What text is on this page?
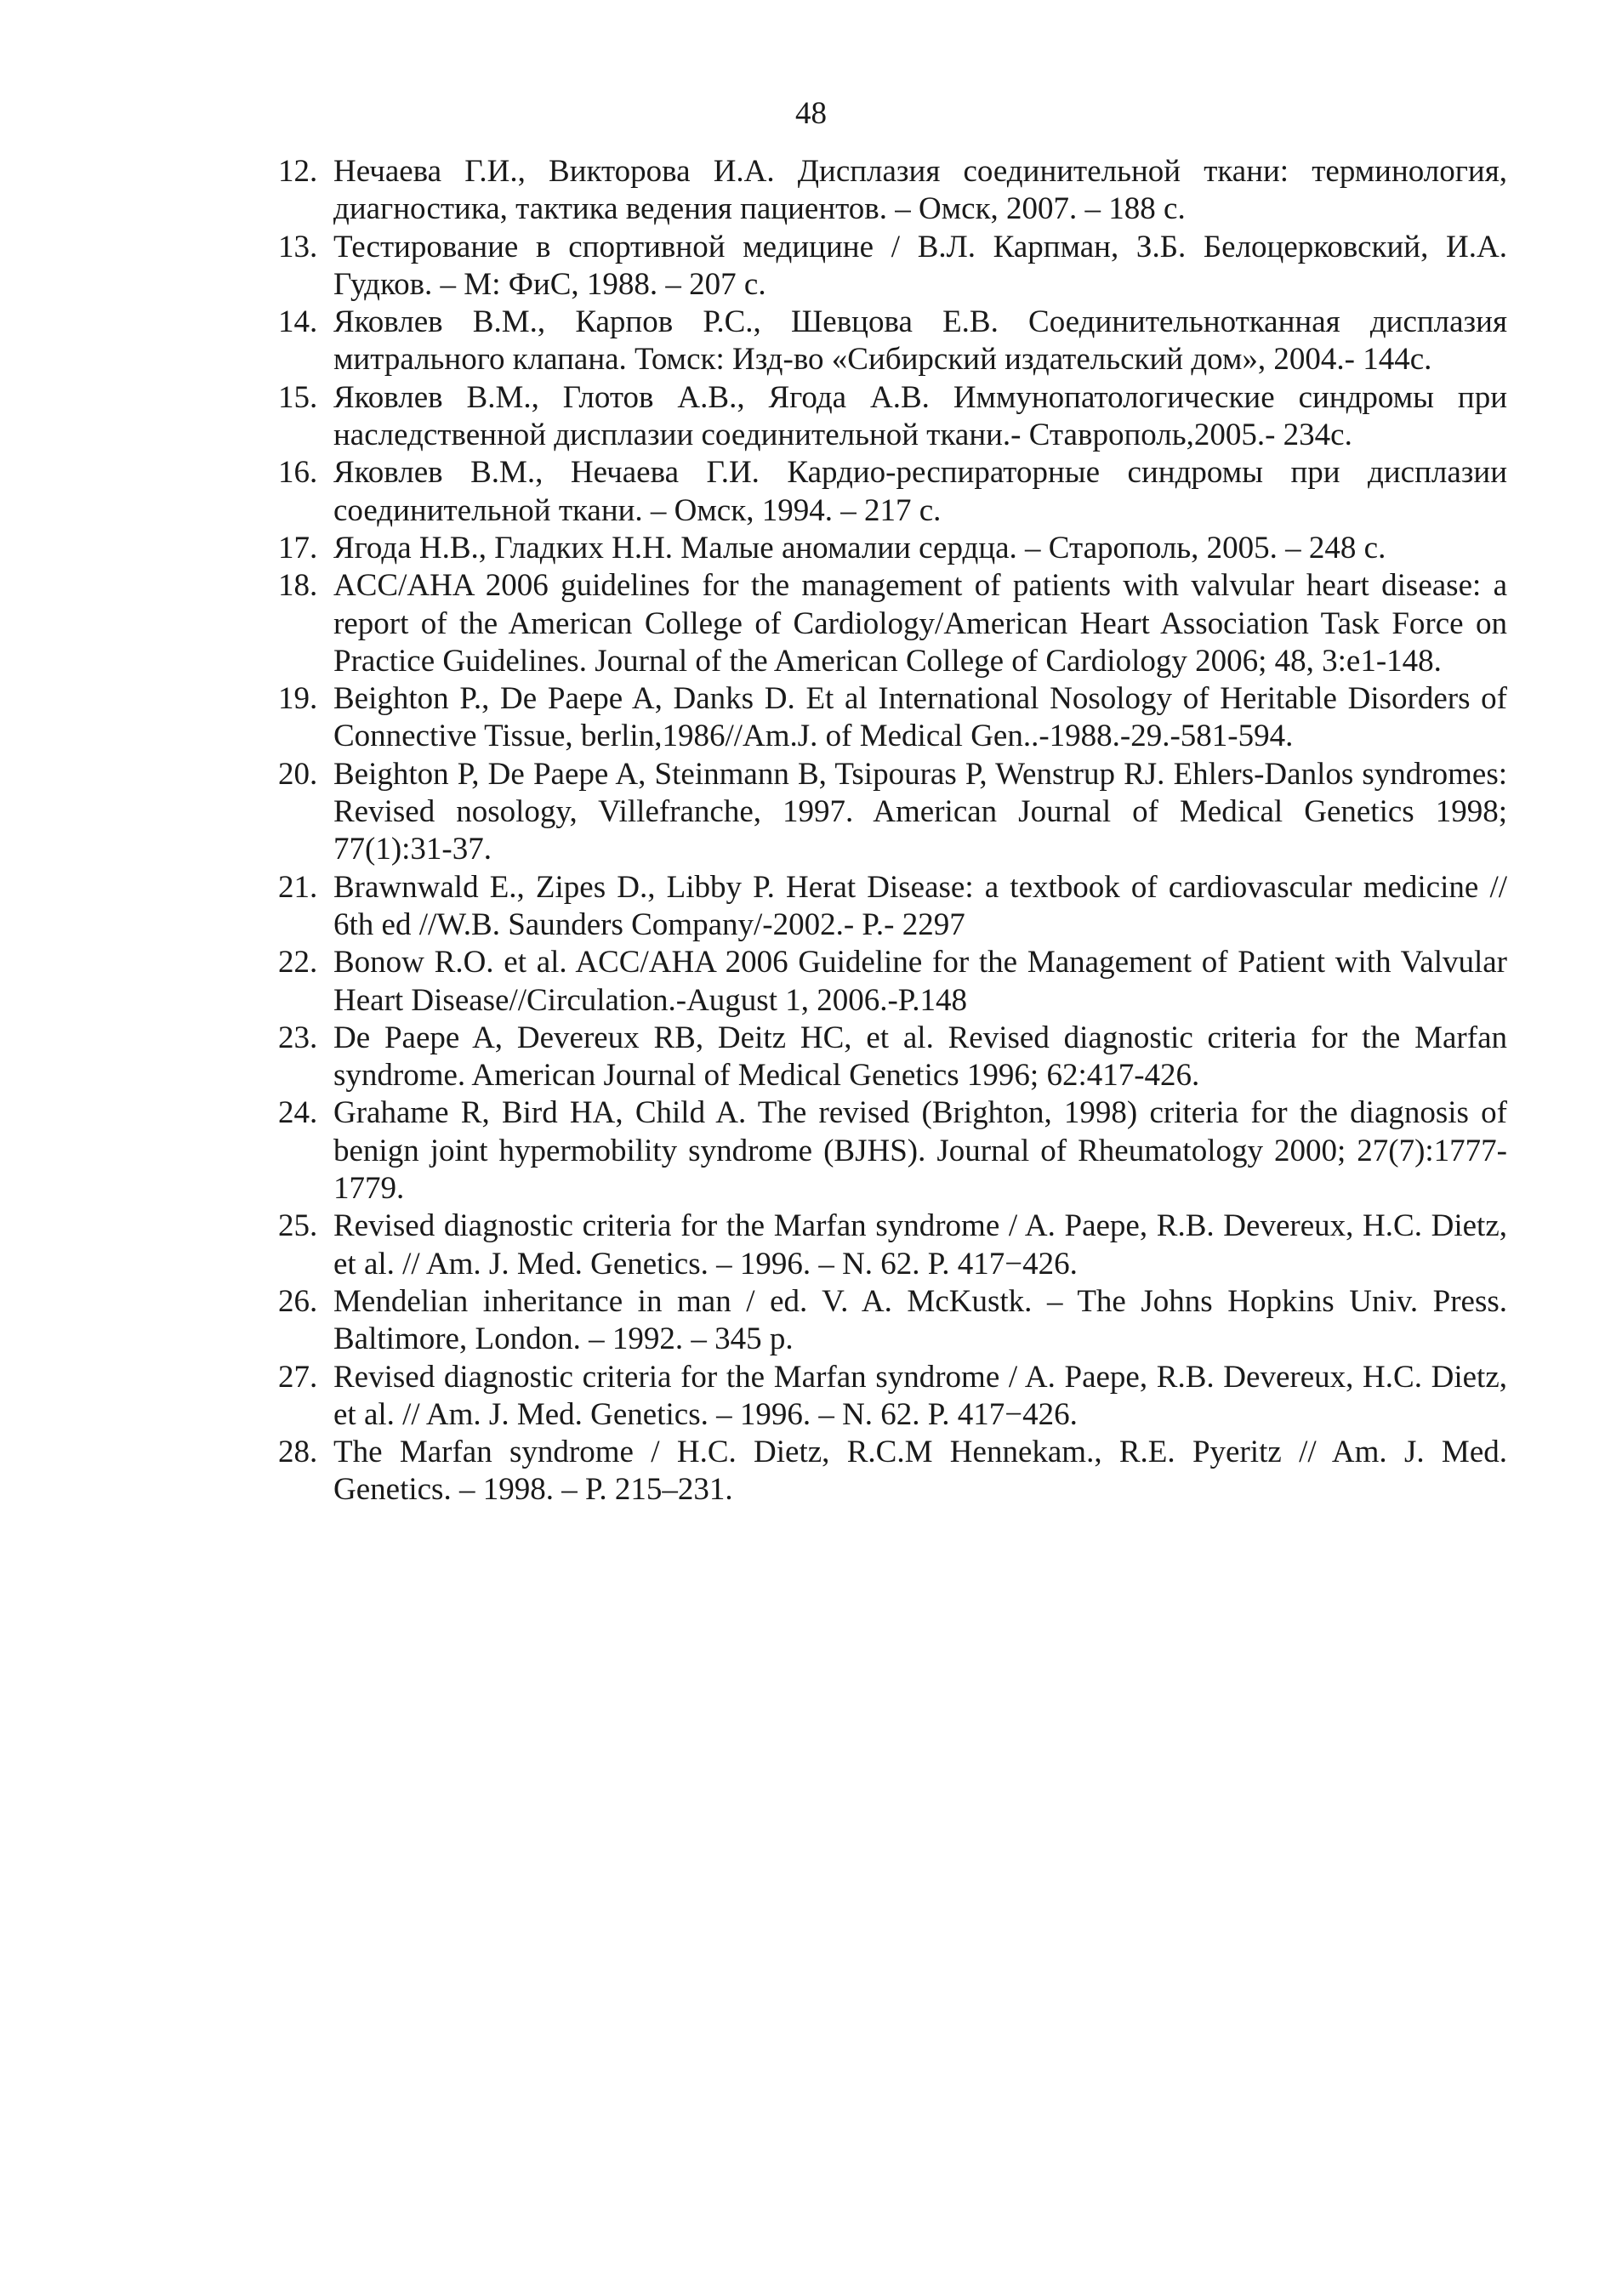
48
12. Нечаева Г.И., Викторова И.А. Дисплазия соединительной ткани: терминология, диагностика, тактика ведения пациентов. – Омск, 2007. – 188 с.
13. Тестирование в спортивной медицине / В.Л. Карпман, З.Б. Белоцерковский, И.А. Гудков. – М: ФиС, 1988. – 207 с.
14. Яковлев В.М., Карпов Р.С., Шевцова Е.В. Соединительнотканная дисплазия митрального клапана. Томск: Изд-во «Сибирский издательский дом», 2004.- 144с.
15. Яковлев В.М., Глотов А.В., Ягода А.В. Иммунопатологические синдромы при наследственной дисплазии соединительной ткани.- Ставрополь,2005.- 234с.
16. Яковлев В.М., Нечаева Г.И. Кардио-респираторные синдромы при дисплазии соединительной ткани. – Омск, 1994. – 217 с.
17. Ягода Н.В., Гладких Н.Н. Малые аномалии сердца. – Старополь, 2005. – 248 с.
18. ACC/AHA 2006 guidelines for the management of patients with valvular heart disease: a report of the American College of Cardiology/American Heart Association Task Force on Practice Guidelines. Journal of the American College of Cardiology 2006; 48, 3:e1-148.
19. Beighton P., De Paepe A, Danks D. Et al International Nosology of Heritable Disorders of Connective Tissue, berlin,1986//Am.J. of Medical Gen..-1988.-29.-581-594.
20. Beighton P, De Paepe A, Steinmann B, Tsipouras P, Wenstrup RJ. Ehlers-Danlos syndromes: Revised nosology, Villefranche, 1997. American Journal of Medical Genetics 1998; 77(1):31-37.
21. Brawnwald E., Zipes D., Libby P. Herat Disease: a textbook of cardiovascular medicine // 6th ed //W.B. Saunders Company/-2002.- P.- 2297
22. Bonow R.O. et al. ACC/AHA 2006 Guideline for the Management of Patient with Valvular Heart Disease//Circulation.-August 1, 2006.-P.148
23. De Paepe A, Devereux RB, Deitz HC, et al. Revised diagnostic criteria for the Marfan syndrome. American Journal of Medical Genetics 1996; 62:417-426.
24. Grahame R, Bird HA, Child A. The revised (Brighton, 1998) criteria for the diagnosis of benign joint hypermobility syndrome (BJHS). Journal of Rheumatology 2000; 27(7):1777-1779.
25. Revised diagnostic criteria for the Marfan syndrome / A. Paepe, R.B. Devereux, H.C. Dietz, et al. // Am. J. Med. Genetics. – 1996. – N. 62. P. 417−426.
26. Mendelian inheritance in man / ed. V. A. McKustk. – The Johns Hopkins Univ. Press. Baltimore, London. – 1992. – 345 p.
27. Revised diagnostic criteria for the Marfan syndrome / A. Paepe, R.B. Devereux, H.C. Dietz, et al. // Am. J. Med. Genetics. – 1996. – N. 62. P. 417−426.
28. The Marfan syndrome / H.C. Dietz, R.C.M Hennekam., R.E. Pyeritz // Am. J. Med. Genetics. – 1998. – P. 215–231.
